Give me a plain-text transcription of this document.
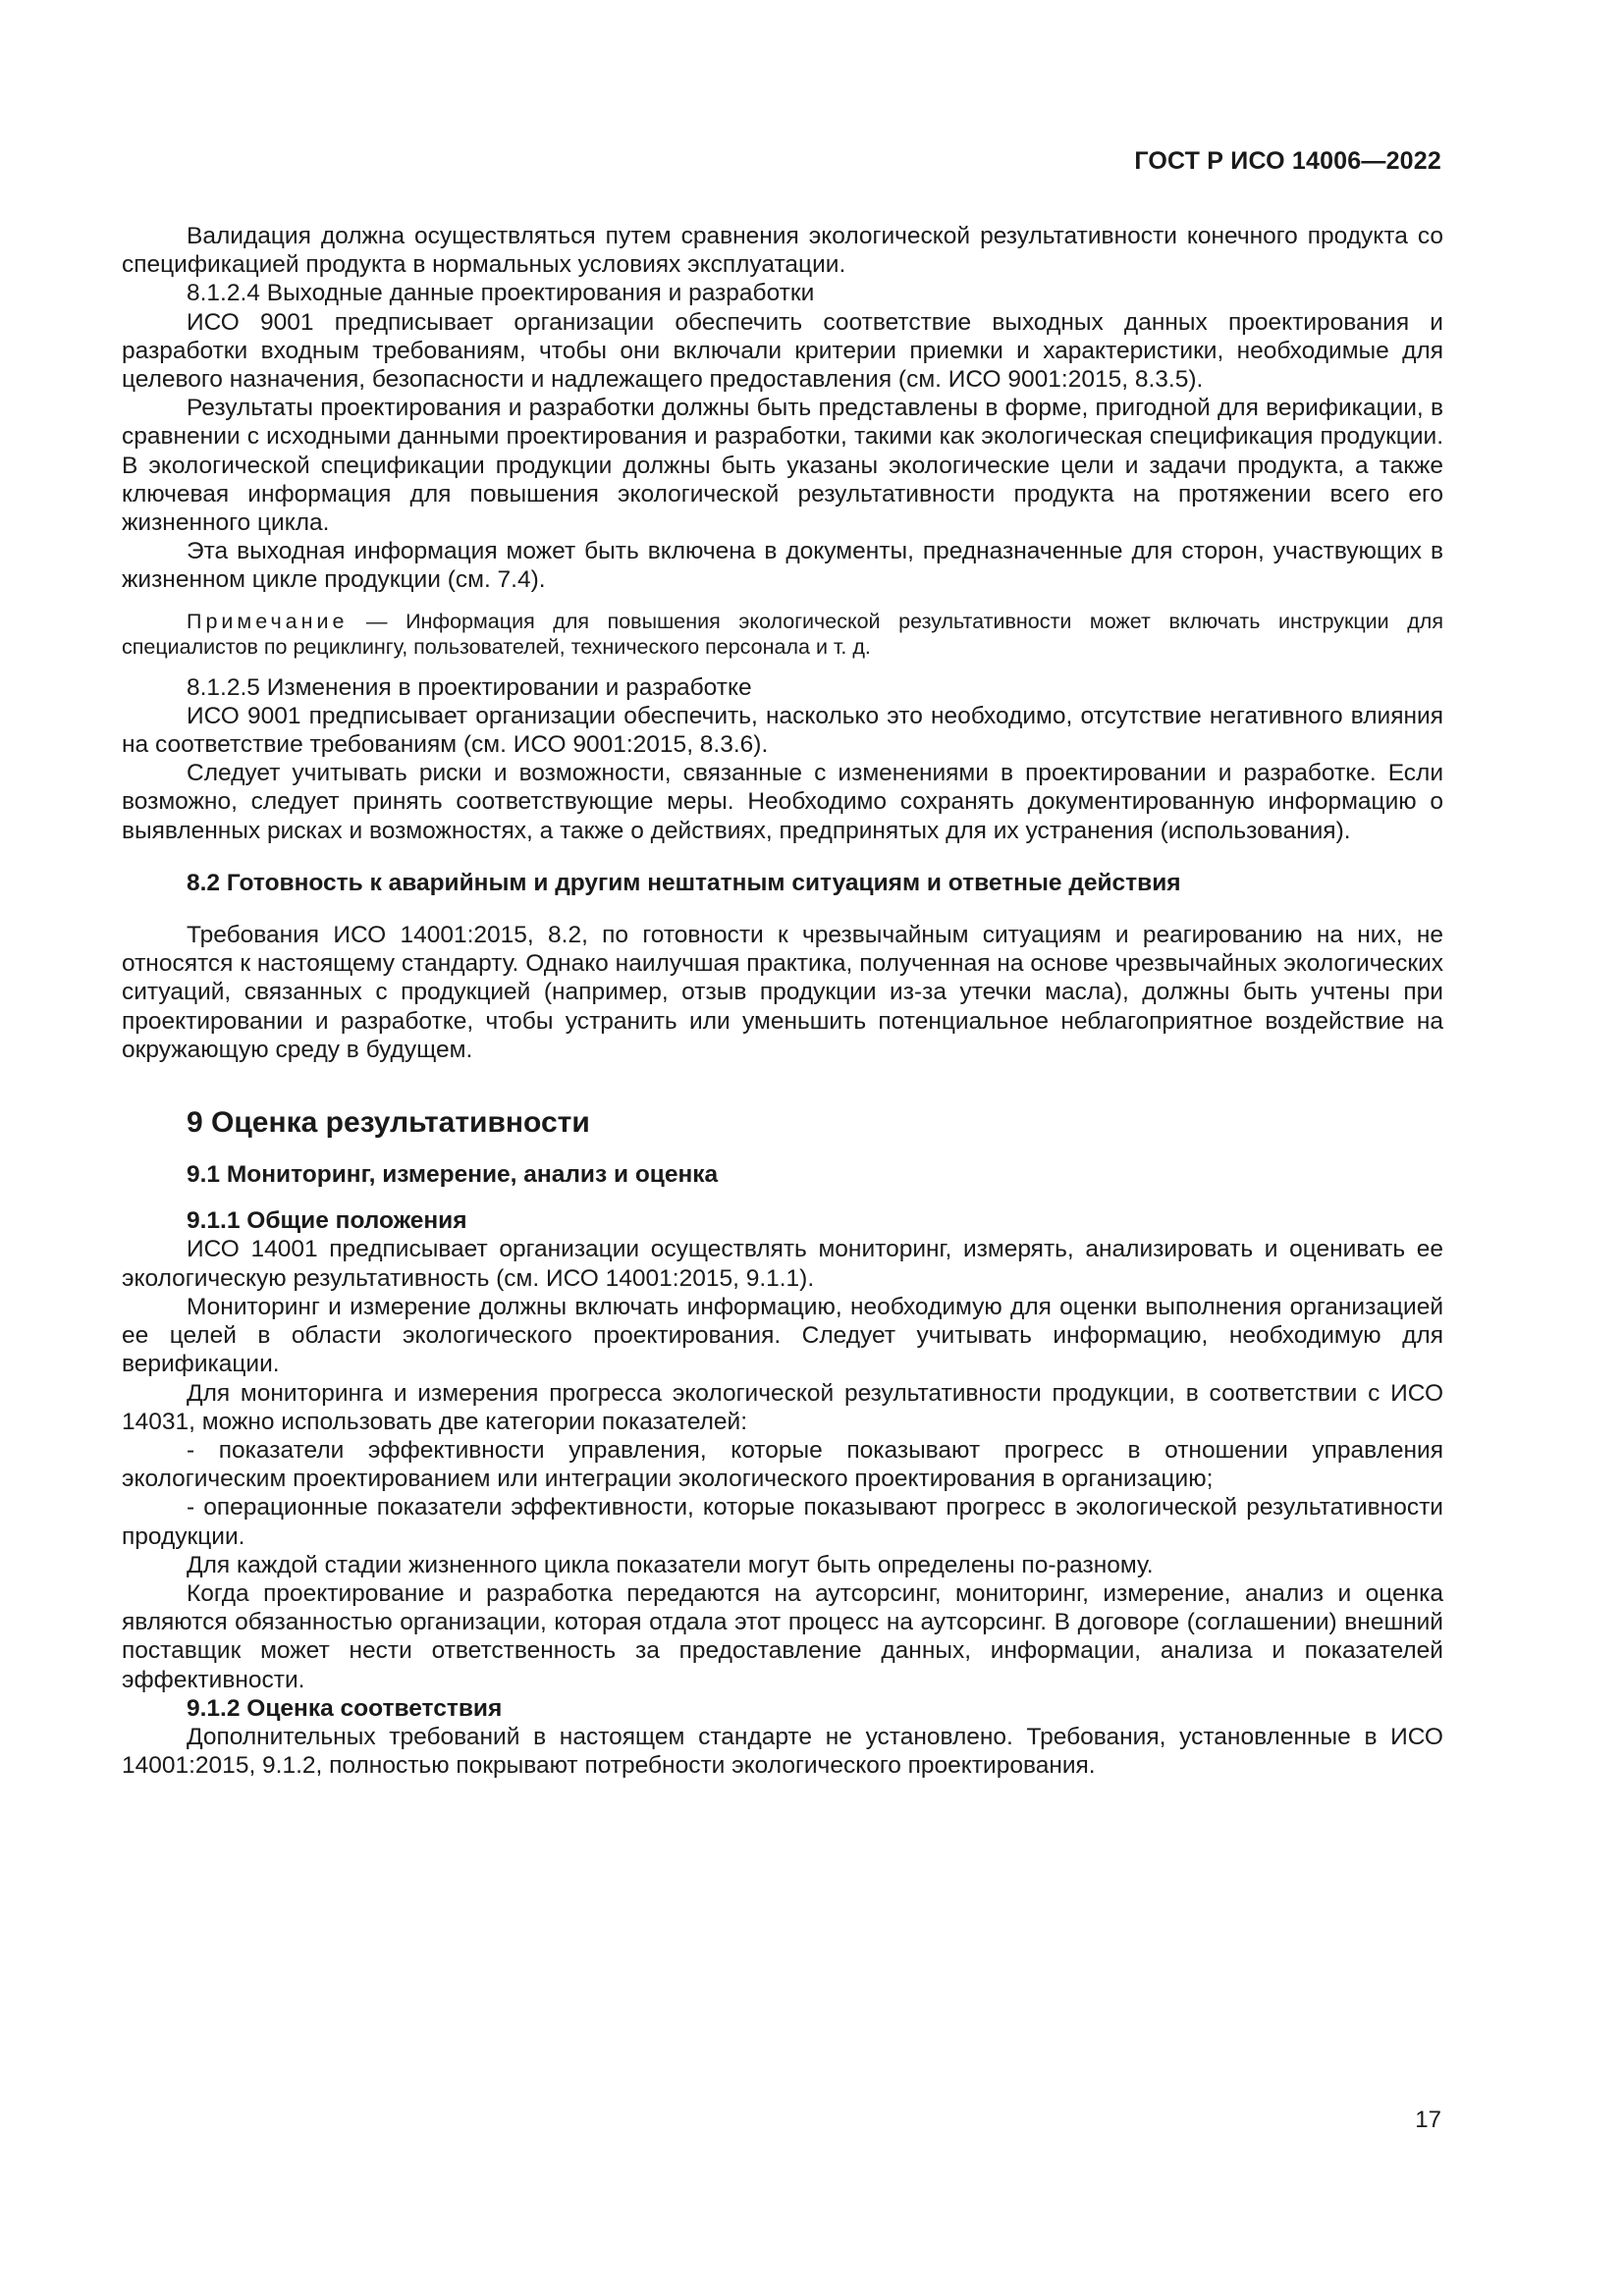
ГОСТ Р ИСО 14006—2022

Валидация должна осуществляться путем сравнения экологической результативности конечного продукта со спецификацией продукта в нормальных условиях эксплуатации.

8.1.2.4 Выходные данные проектирования и разработки

ИСО 9001 предписывает организации обеспечить соответствие выходных данных проектирования и разработки входным требованиям, чтобы они включали критерии приемки и характеристики, необходимые для целевого назначения, безопасности и надлежащего предоставления (см. ИСО 9001:2015, 8.3.5).

Результаты проектирования и разработки должны быть представлены в форме, пригодной для верификации, в сравнении с исходными данными проектирования и разработки, такими как экологическая спецификация продукции. В экологической спецификации продукции должны быть указаны экологические цели и задачи продукта, а также ключевая информация для повышения экологической результативности продукта на протяжении всего его жизненного цикла.

Эта выходная информация может быть включена в документы, предназначенные для сторон, участвующих в жизненном цикле продукции (см. 7.4).

Примечание — Информация для повышения экологической результативности может включать инструкции для специалистов по рециклингу, пользователей, технического персонала и т. д.

8.1.2.5 Изменения в проектировании и разработке

ИСО 9001 предписывает организации обеспечить, насколько это необходимо, отсутствие негативного влияния на соответствие требованиям (см. ИСО 9001:2015, 8.3.6).

Следует учитывать риски и возможности, связанные с изменениями в проектировании и разработке. Если возможно, следует принять соответствующие меры. Необходимо сохранять документированную информацию о выявленных рисках и возможностях, а также о действиях, предпринятых для их устранения (использования).

8.2 Готовность к аварийным и другим нештатным ситуациям и ответные действия

Требования ИСО 14001:2015, 8.2, по готовности к чрезвычайным ситуациям и реагированию на них, не относятся к настоящему стандарту. Однако наилучшая практика, полученная на основе чрезвычайных экологических ситуаций, связанных с продукцией (например, отзыв продукции из-за утечки масла), должны быть учтены при проектировании и разработке, чтобы устранить или уменьшить потенциальное неблагоприятное воздействие на окружающую среду в будущем.

9 Оценка результативности
9.1 Мониторинг, измерение, анализ и оценка
9.1.1 Общие положения

ИСО 14001 предписывает организации осуществлять мониторинг, измерять, анализировать и оценивать ее экологическую результативность (см. ИСО 14001:2015, 9.1.1).

Мониторинг и измерение должны включать информацию, необходимую для оценки выполнения организацией ее целей в области экологического проектирования. Следует учитывать информацию, необходимую для верификации.

Для мониторинга и измерения прогресса экологической результативности продукции, в соответствии с ИСО 14031, можно использовать две категории показателей:

- показатели эффективности управления, которые показывают прогресс в отношении управления экологическим проектированием или интеграции экологического проектирования в организацию;

- операционные показатели эффективности, которые показывают прогресс в экологической результативности продукции.

Для каждой стадии жизненного цикла показатели могут быть определены по-разному.

Когда проектирование и разработка передаются на аутсорсинг, мониторинг, измерение, анализ и оценка являются обязанностью организации, которая отдала этот процесс на аутсорсинг. В договоре (соглашении) внешний поставщик может нести ответственность за предоставление данных, информации, анализа и показателей эффективности.

9.1.2 Оценка соответствия

Дополнительных требований в настоящем стандарте не установлено. Требования, установленные в ИСО 14001:2015, 9.1.2, полностью покрывают потребности экологического проектирования.

17
